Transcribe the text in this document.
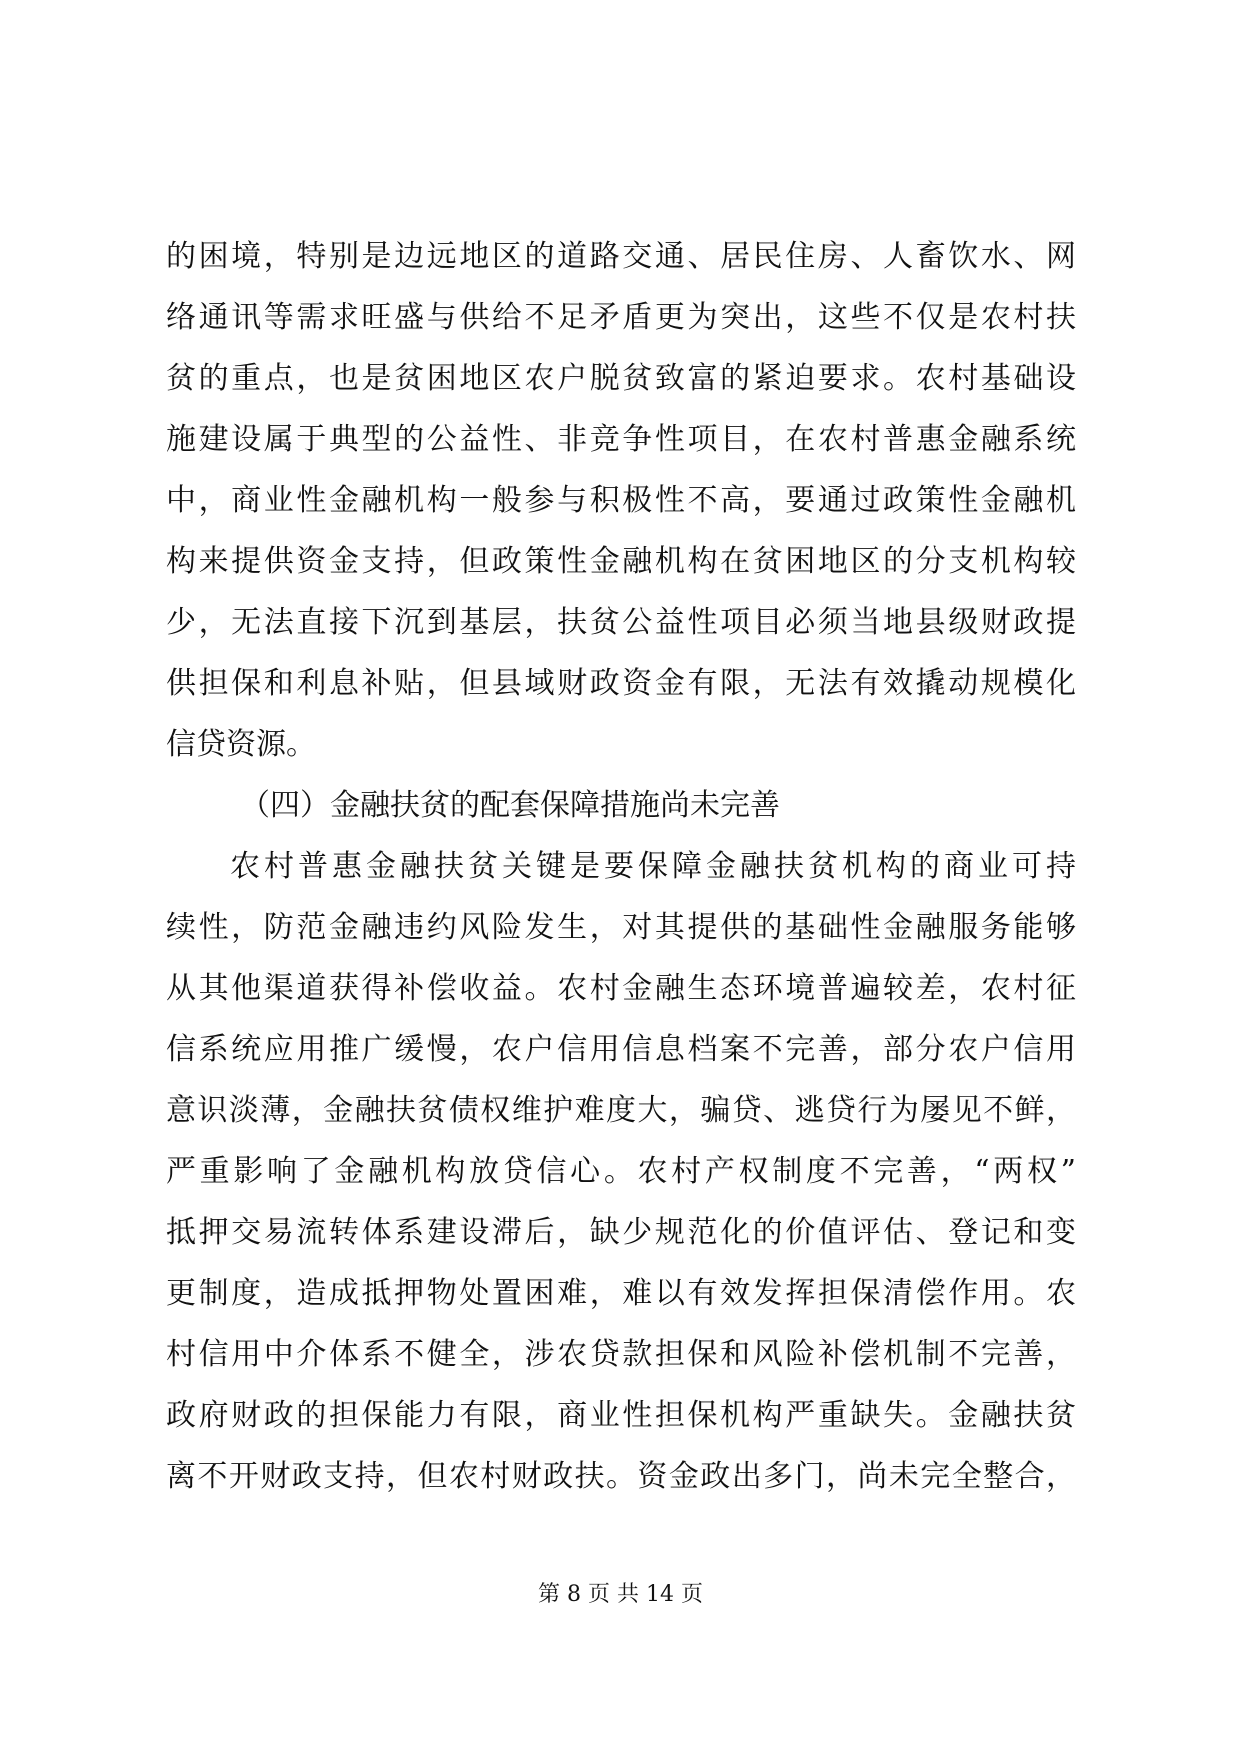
的困境，特别是边远地区的道路交通、居民住房、人畜饮水、网
络通讯等需求旺盛与供给不足矛盾更为突出，这些不仅是农村扶
贫的重点，也是贫困地区农户脱贫致富的紧迫要求。农村基础设
施建设属于典型的公益性、非竞争性项目，在农村普惠金融系统
中，商业性金融机构一般参与积极性不高，要通过政策性金融机
构来提供资金支持，但政策性金融机构在贫困地区的分支机构较
少，无法直接下沉到基层，扶贫公益性项目必须当地县级财政提
供担保和利息补贴，但县域财政资金有限，无法有效撬动规模化
信贷资源。
（四）金融扶贫的配套保障措施尚未完善
农村普惠金融扶贫关键是要保障金融扶贫机构的商业可持
续性，防范金融违约风险发生，对其提供的基础性金融服务能够
从其他渠道获得补偿收益。农村金融生态环境普遍较差，农村征
信系统应用推广缓慢，农户信用信息档案不完善，部分农户信用
意识淡薄，金融扶贫债权维护难度大，骗贷、逃贷行为屡见不鲜，
严重影响了金融机构放贷信心。农村产权制度不完善，“两权”
抵押交易流转体系建设滞后，缺少规范化的价值评估、登记和变
更制度，造成抵押物处置困难，难以有效发挥担保清偿作用。农
村信用中介体系不健全，涉农贷款担保和风险补偿机制不完善，
政府财政的担保能力有限，商业性担保机构严重缺失。金融扶贫
离不开财政支持，但农村财政扶。资金政出多门，尚未完全整合，
第 8 页 共 14 页
